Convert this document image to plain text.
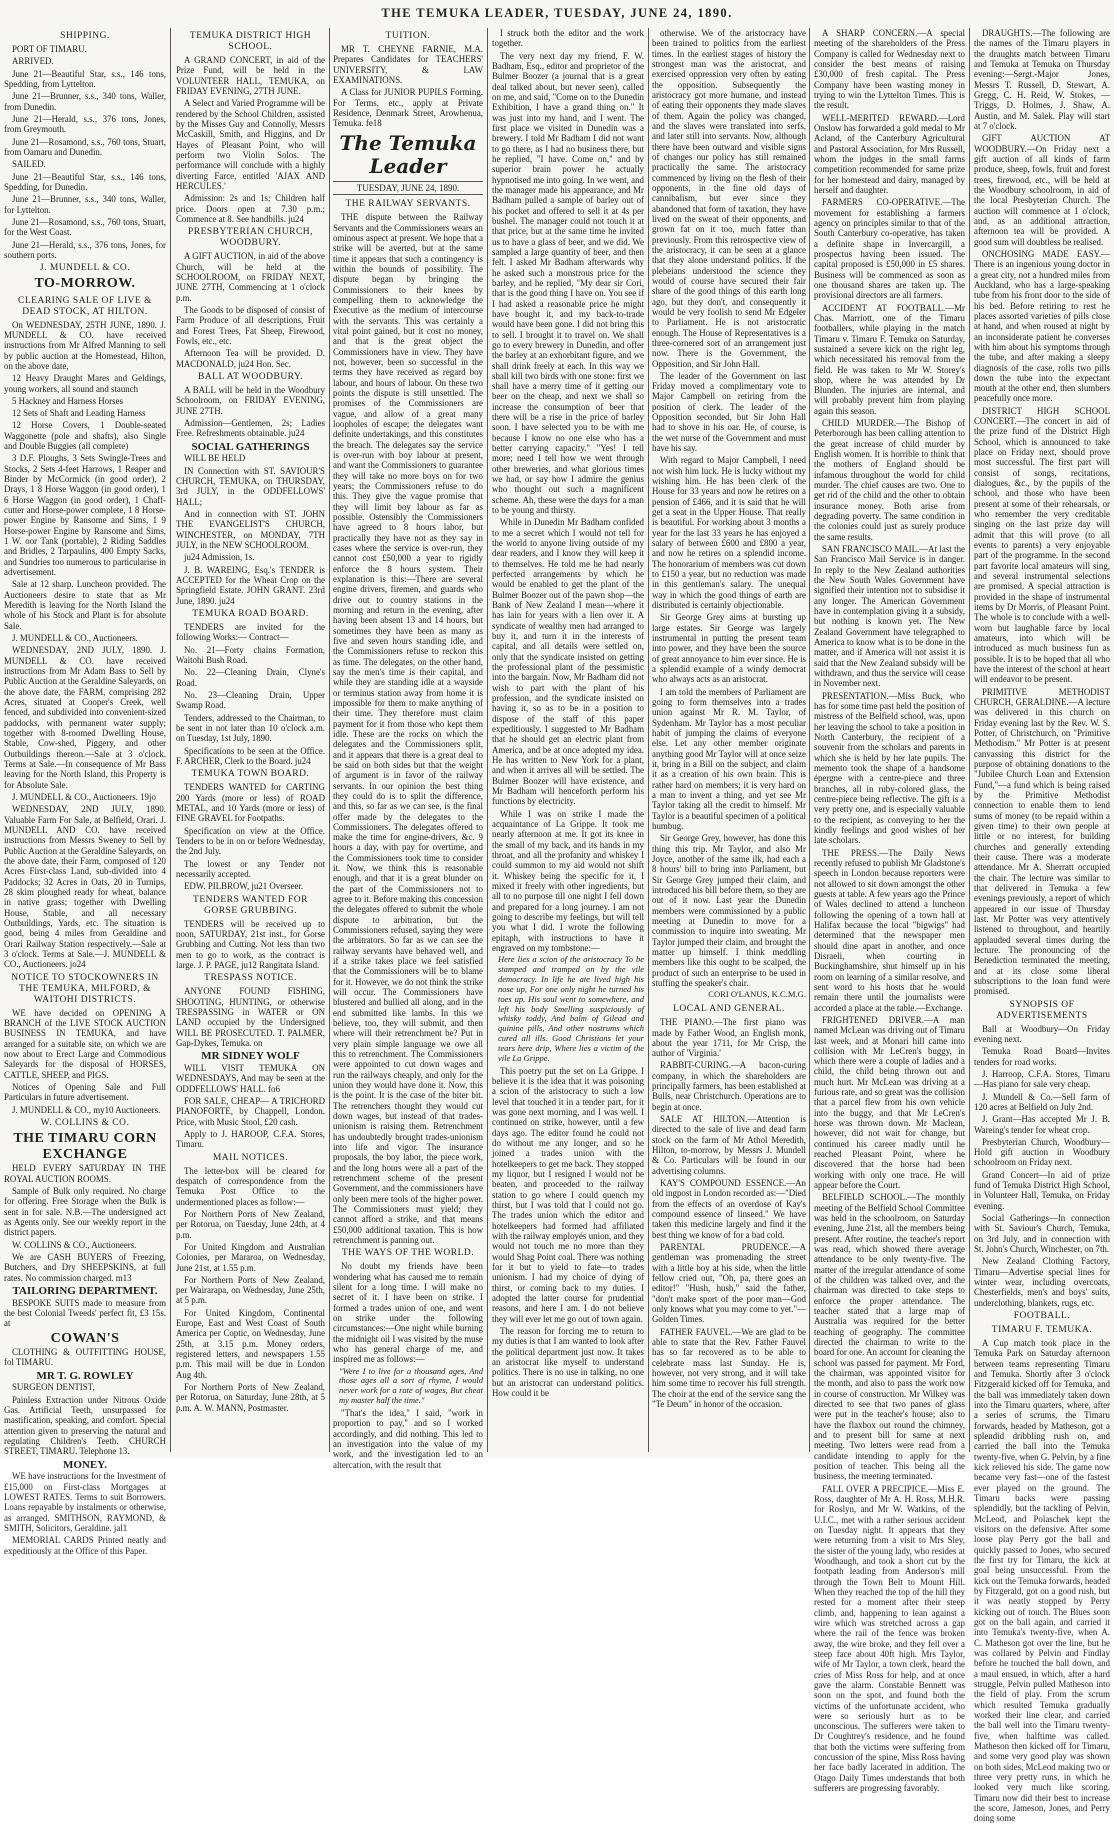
THE TEMUKA LEADER, TUESDAY, JUNE 24, 1890.
SHIPPING.
PORT OF TIMARU.
ARRIVED.
June 21—Beautiful Star, s.s., 146 tons, Spedding, from Lyttelton.
June 21—Brunner, s.s., 340 tons, Waller, from Dunedin.
June 21—Herald, s.s., 376 tons, Jones, from Greymouth.
June 21—Rosamond, s.s., 760 tons, Stuart, from Oamaru and Dunedin.
SAILED.
June 21—Beautiful Star, s.s., 146 tons, Spedding, for Dunedin.
June 21—Brunner, s.s., 340 tons, Waller, for Lyttelton.
June 21—Rosamond, s.s., 760 tons, Stuart, for the West Coast.
June 21—Herald, s.s., 376 tons, Jones, for southern ports.
J. MUNDELL & CO.
TO-MORROW.
CLEARING SALE OF LIVE & DEAD STOCK, AT HILTON.
On WEDNESDAY, 25TH JUNE, 1890. J. MUNDELL & CO. have received instructions from Mr Alfred Manning to sell by public auction at the Homestead, Hilton, on the above date,
12 Heavy Draught Mares and Geldings, young workers, all sound and staunch
5 Hackney and Harness Horses
12 Sets of Shaft and Leading Harness
12 Horse Covers, 1 Double-seated Waggonette (pole and shafts), also Single and Double Buggies (all complete)
3 D.F. Ploughs, 3 Sets Swingle-Trees and Stocks, 2 Sets 4-feet Harrows, 1 Reaper and Binder by McCormick (in good order), 2 Drays, 1 8 Horse Waggon (in good order), 1 6 Horse Waggon (in good order), 1 Chaff-cutter and Horse-power complete, 1 8 Horse-power Engine by Ransome and Sims, 1 9 Horse-power Engine by Ransome and Sims, 1 W. oor Tank (portable), 2 Riding Saddles and Bridles, 2 Tarpaulins, 400 Empty Sacks, and Sundries too numerous to particularise in advertisement.
Sale at 12 sharp. Luncheon provided. The Auctioneers desire to state that as Mr Meredith is leaving for the North Island the whole of his Stock and Plant is for absolute Sale.
J. MUNDELL & CO., Auctioneers.
WEDNESDAY, 2ND JULY, 1890. J. MUNDELL & CO. have received instructions from Mr Adam Bass to Sell by Public Auction at the Geraldine Saleyards, on the above date, the FARM, comprising 282 Acres, situated at Cooper's Creek, well fenced, and subdivided into convenient-sized paddocks, with permanent water supply; together with 8-roomed Dwelling House, Stable, Cow-shed, Piggery, and other Outbuildings thereon.—Sale at 3 o'clock. Terms at Sale.—In consequence of Mr Bass leaving for the North Island, this Property is for Absolute Sale.
J. MUNDELL & CO., Auctioneers. 19jo
WEDNESDAY, 2ND JULY, 1890. Valuable Farm For Sale, at Belfield, Orari. J. MUNDELL AND CO. have received instructions from Messrs Sweney to Sell by Public Auction at the Geraldine Saleyards, on the above date, their Farm, composed of 120 Acres First-class Land, sub-divided into 4 Paddocks; 32 Acres in Oats, 20 in Turnips, 28 skim ploughed ready for wheat, balance in native grass; together with Dwelling House, Stable, and all necessary Outbuildings, Yards, etc. The situation is good, being 4 miles from Geraldine and Orari Railway Station respectively.—Sale at 3 o'clock. Terms at Sale.—J. MUNDELL & CO., Auctioneers. jo24
NOTICE TO STOCKOWNERS IN THE TEMUKA, MILFORD, & WAITOHI DISTRICTS.
WE have decided on OPENING A BRANCH of the LIVE STOCK AUCTION BUSINESS IN TEMUKA, and have arranged for a suitable site, on which we are now about to Erect Large and Commodious Saleyards for the disposal of HORSES, CATTLE, SHEEP, and PIGS.
Notices of Opening Sale and Full Particulars in future advertisement.
J. MUNDELL & CO., my10 Auctioneers.
W. COLLINS & CO.
THE TIMARU CORN EXCHANGE
HELD EVERY SATURDAY IN THE ROYAL AUCTION ROOMS.
Sample of Bulk only required. No charge for offering. Free Storage when the Bulk is sent in for sale. N.B.—The undersigned act as Agents only. See our weekly report in the district papers.
W. COLLINS & CO., Auctioneers.
We are CASH BUYERS of Freezing, Butchers, and Dry SHEEPSKINS, at full rates. No commission charged. m13
TAILORING DEPARTMENT.
BESPOKE SUITS made to measure from the best Colonial Tweeds' perfect fit, £3 15s. at
COWAN'S
CLOTHING & OUTFITTING HOUSE, fol TIMARU.
MR T. G. ROWLEY
SURGEON DENTIST,
Painless Extraction under Nitrous Oxide Gas. Artificial Teeth, unsurpassed for mastification, speaking, and comfort. Special attention given to preserving the natural and regulating Children's Teeth. CHURCH STREET, TIMARU. Telephone 13.
MONEY.
WE have instructions for the Investment of £15,000 on First-class Mortgages at LOWEST RATES. Terms to suit Borrowers. Loans repayable by instalments or otherwise, as arranged. SMITHSON, RAYMOND, & SMITH, Solicitors, Geraldine. jal1
MEMORIAL CARDS Printed neatly and expeditiously at the Office of this Paper.
TEMUKA DISTRICT HIGH SCHOOL.
A GRAND CONCERT, in aid of the Prize Fund, will be held in the VOLUNTEER HALL, TEMUKA, on FRIDAY EVENING, 27TH JUNE.
A Select and Varied Programme will be rendered by the School Children, assisted by the Misses Guy and Connolly, Messrs McCaskill, Smith, and Higgins, and Dr Hayes of Pleasant Point, who will perform two Violin Solos. The performance will conclude with a highly diverting Farce, entitled 'AJAX AND HERCULES.'
Admission: 2s and 1s; Children half price. Doors open at 7.30 p.m.; Commence at 8. See handbills. ju24
PRESBYTERIAN CHURCH, WOODBURY.
A GIFT AUCTION, in aid of the above Church, will be held at the SCHOOLROOM, on FRIDAY NEXT, JUNE 27TH, Commencing at 1 o'clock p.m.
The Goods to be disposed of consist of Farm Produce of all descriptions, Fruit and Forest Trees, Fat Sheep, Firewood, Fowls, etc., etc.
Afternoon Tea will be provided. D. MACDONALD, ju24 Hon. Sec.
BALL AT WOODBURY.
A BALL will be held in the Woodbury Schoolroom, on FRIDAY EVENING, JUNE 27TH.
Admission—Gentlemen, 2s; Ladies Free. Refreshments obtainable. ju24
SOCIAL GATHERINGS
WILL BE HELD
IN Connection with ST. SAVIOUR'S CHURCH, TEMUKA, on THURSDAY, 3rd JULY, in the ODDFELLOWS' HALL;
And in connection with ST. JOHN THE EVANGELIST'S CHURCH, WINCHESTER, on MONDAY, 7TH JULY, in the NEW SCHOOLROOM.
ju24 Admission, 1s.
J. B. WAREING, Esq.'s TENDER is ACCEPTED for the Wheat Crop on the Springfield Estate. JOHN GRANT. 23rd June, 1890. ju24
TEMUKA ROAD BOARD.
TENDERS are invited for the following Works:— Contract—
No. 21—Forty chains Formation, Waitohi Bush Road.
No. 22—Cleaning Drain, Clyne's Road.
No. 23—Cleaning Drain, Upper Swamp Road.
Tenders, addressed to the Chairman, to be sent in not later than 10 o'clock a.m. on Tuesday, 1st July, 1890.
Specifications to be seen at the Office. F. ARCHER, Clerk to the Board. ju24
TEMUKA TOWN BOARD.
TENDERS WANTED for CARTING 200 Yards (more or less) of ROAD METAL, and 10 Yards (more or less) of FINE GRAVEL for Footpaths.
Specification on view at the Office. Tenders to be in on or before Wednesday, the 2nd July.
The lowest or any Tender not necessarily accepted.
EDW. PILBROW, ju21 Overseer.
TENDERS WANTED FOR GORSE GRUBBING.
TENDERS will be received up to noon, SATURDAY, 21st inst., for Gorse Grubbing and Cutting. Not less than two men to go to work, as the contract is large. J. P. PAGE, ju12 Rangitata Island.
TRESPASS NOTICE.
ANYONE FOUND FISHING, SHOOTING, HUNTING, or otherwise TRESPASSING in WATER or ON LAND occupied by the Undersigned WILL BE PROSECUTED. T. PALMER, Gap-Dykes, Temuka. on
MR SIDNEY WOLF
WILL VISIT TEMUKA ON WEDNESDAYS, And may be seen at the ODDFELLOWS' HALL. fo6
FOR SALE, CHEAP— A TRICHORD PIANOFORTE, by Chappell, London. Price, with Music Stool, £20 cash.
Apply to J. HAROOP, C.F.A. Stores, Timaru.
MAIL NOTICES.
The letter-box will be cleared for despatch of correspondence from the Temuka Post Office to the undermentioned places as follow:—
For Northern Ports of New Zealand, per Rotorua, on Tuesday, June 24th, at 4 p.m.
For United Kingdom and Australian Colonies, per Mararoa, on Wednesday, June 21st, at 1.55 p.m.
For Northern Ports of New Zealand, per Wairarapa, on Wednesday, June 25th, at 5 p.m.
For United Kingdom, Continental Europe, East and West Coast of South America per Coptic, on Wednesday, June 25th, at 3.15 p.m. Money orders, registered letters, and newspapers 1.55 p.m. This mail will be due in London Aug 4th.
For Northern Ports of New Zealand, per Rotorua, on Saturday, June 28th, at 5 p.m. A. W. MANN, Postmaster.
TUITION.
MR T. CHEYNE FARNIE, M.A. Prepares Candidates for TEACHERS' UNIVERSITY, & LAW EXAMINATIONS.
A Class for JUNIOR PUPILS Forming. For Terms, etc., apply at Private Residence, Denmark Street, Arowhenua, Temuka. fe18
The Temuka Leader
TUESDAY, JUNE 24, 1890.
THE RAILWAY SERVANTS.
THE dispute between the Railway Servants and the Commissioners wears an ominous aspect at present. We hope that a strike will be averted, but at the same time it appears that such a contingency is within the bounds of possibility. The dispute began by bringing the Commissioners to their knees by compelling them to acknowledge the Executive as the medium of intercourse with the servants. This was certainly a vital point gained, but it cost no money, and that is the great object the Commissioners have in view. They have not, however, been so successful in the terms they have received as regard boy labour, and hours of labour. On these two points the dispute is still unsettled. The promises of the Commissioners are vague, and allow of a great many loopholes of escape; the delegates want definite undertakings, and this constitutes the breach. The delegates say the service is over-run with boy labour at present, and want the Commissioners to guarantee they will take no more boys on for two years; the Commissioners refuse to do this. They give the vague promise that they will limit boy labour as far as possible. Ostensibly the Commissioners have agreed to 8 hours labor, but practically they have not as they say in cases where the service is over-run, they cannot cost £50,000 a year to rigidly enforce the 8 hours system. Their explanation is this:—There are several engine drivers, firemen, and guards who drive out to country stations in the morning and return in the evening, after having been absent 13 and 14 hours, but sometimes they have been as many as five and seven hours standing idle, and the Commissioners refuse to reckon this as time. The delegates, on the other hand, say the men's time is their capital, and while they are standing idle at a wayside or terminus station away from home it is impossible for them to make anything of their time. They therefore must claim payment for it from those who kept them idle. These are the rocks on which the delegates and the Commissioners split, and it appears that there is a great deal to be said on both sides but that the weight of argument is in favor of the railway servants. In our opinion the best thing they could do is to split the difference, and this, so far as we can see, is the final offer made by the delegates to the Commissioners. The delegates offered to make the time for engine-drivers, &c. 9 hours a day, with pay for overtime, and the Commissioners took time to consider it. Now, we think this is reasonable enough, and that it is a great blunder on the part of the Commissioners not to agree to it. Before making this concession the delegates offered to submit the whole dispute to arbitration, but the Commissioners refused, saying they were the arbitrators. So far as we can see the railway servants have behaved well, and if a strike takes place we feel satisfied that the Commissioners will be to blame for it. However, we do not think the strike will occur. The Commissioners have blustered and bullied all along, and in the end submitted like lambs. In this we believe, too, they will submit, and then where will their retrenchment be? Put in very plain simple language we owe all this to retrenchment. The Commissioners were appointed to cut down wages and run the railways cheaply, and only for the union they would have done it. Now, this is the point. It is the case of the biter bit. The retrenchers thought they would cut down wages, but instead of that trades-unionism is raising them. Retrenchment has undoubtedly brought trades-unionism into life and vigor. The insurance proposals, the boy labor, the piece work, and the long hours were all a part of the retrenchment scheme of the present Government, and the commissioners have only been mere tools of the higher power. The Commissioners must yield; they cannot afford a strike, and that means £50,000 additional taxation. This is how retrenchment is panning out.
THE WAYS OF THE WORLD.
No doubt my friends have been wondering what has caused me to remain silent for a long time. I will make no secret of it. I have been on strike. I formed a trades union of one, and went on strike under the following circumstances:—One night while burning the midnight oil I was visited by the muse who has general charge of me, and inspired me as follows:—
"Were I to live for a thousand ages, And those ages all a sort of rhyme, I would never work for a rate of wages, But cheat my master half the time."
"That's the idea," I said, "work in proportion to pay," and so I worked accordingly, and did nothing. This led to an investigation into the value of my work, and the investigation led to an altercation, with the result that
I struck both the editor and the work together.
The very next day my friend, F. W. Badham, Esq., editor and proprietor of the Bulmer Boozer (a journal that is a great deal talked about, but never seen), called on me, and said, "Come on to the Dunedin Exhibition, I have a grand thing on." It was just into my hand, and I went. The first place we visited in Dunedin was a brewery. I told Mr Badham I did not want to go there, as I had no business there, but he replied, "I have. Come on," and by superior brain power he actually hypnotised me into going. In we went, and the manager made his appearance, and Mr Badham pulled a sample of barley out of his pocket and offered to sell it at 4s per bushel. The manager could not touch it at that price, but at the same time he invited us to have a glass of beer, and we did. We sampled a large quantity of beer, and then felt. I asked Mr Badham afterwards why he asked such a monstrous price for the barley, and he replied, "My dear sir Cori, that is the good thing I have on. You see if I had asked a reasonable price he might have bought it, and my back-to-trade would have been gone. I did not bring this to sell. I brought it to travel on. We shall go to every brewery in Dunedin, and offer the barley at an exhorbitant figure, and we shall drink freely at each. In this way we shall kill two birds with one stone: first we shall have a merry time of it getting our beer on the cheap, and next we shall so increase the consumption of beer that there will be a rise in the price of barley soon. I have selected you to be with me because I know no one else who has a better carrying capacity." "Yes! I tell more; need I tell how we went through other breweries, and what glorious times we had, or say how I admire the genius who thought out such a magnificent scheme. Ah, these were the days for a man to be young and thirsty.
While in Dunedin Mr Badham confided to me a secret which I would not tell for the world to anyone living outside of my dear readers, and I know they will keep it to themselves. He told me he had nearly perfected arrangements by which he would be enabled to get the plant of the Bulmer Boozer out of the pawn shop—the Bank of New Zealand I mean—where it has lain for years with a lien over it. A syndicate of wealthy men had arranged to buy it, and turn it in the interests of capital, and all details were settled on, only that the syndicate insisted on getting the professional plant of the pessimistic into the bargain. Now, Mr Badham did not wish to part with the plant of his profession, and the syndicate insisted on having it, so as to be in a position to dispose of the staff of this paper expeditiously. I suggested to Mr Badham that he should get an electric plant from America, and be at once adopted my idea. He has written to New York for a plant, and when it arrives all will be settled. The Bulmer Boozer will have existence, and Mr Badham will henceforth perform his functions by electricity.
While I was on strike I made the acquaintance of La Grippe. It took me nearly afternoon at me. It got its knee in the small of my back, and its hands in my throat, and all the profanity and whiskey I could summon to my aid would not shift it. Whiskey being the specific for it, I mixed it freely with other ingredients, but all to no purpose till one night I fell down and prepared for a long journey. I am not going to describe my feelings, but will tell you what I did. I wrote the following epitaph, with instructions to have it engraved on my tombstone:—
Here lies a scion of the aristocracy To be stamped and tramped on by the vile democracy. In life he ate lived high his nose up, For one only night he turned his toes up. His soul went to somewhere, and left his body Smelling suspiciously of whisky toddy, And balm of Gilead and quinine pills, And other nostrums which cured all ills. Good Christians let your tears here drip, Where lies a victim of the vile La Grippe.
This poetry put the set on La Grippe. I believe it is the idea that it was poisoning a scion of the aristocracy to such a low level that touched it in a tender part, for it was gone next morning, and I was well. I continued on strike, however, until a few days ago. The editor found he could not do without me any longer, and so he joined a trades union with the hotelkeepers to get me back. They stopped my liquor, but I resigned I would not be beaten, and proceeded to the railway station to go where I could quench my thirst, but I was told that I could not go. The trades union which the editor and hotelkeepers had formed had affiliated with the railway employés union, and they would not touch me no more than they would Shag Point coal. There was nothing for it but to yield to fate—to trades unionism. I had my choice of dying of thirst, or coming back to my duties. I adopted the latter course for prudential reasons, and here I am. I do not believe they will ever let me go out of town again.
The reason for forcing me to return to my duties is that I am wanted to look after the political department just now. It takes an aristocrat like myself to understand politics. There is no use in talking, no one but an aristocrat can understand politics. How could it be
otherwise. We of the aristocracy have been trained to politics from the earliest times. In the earliest stages of history the strongest man was the aristocrat, and exercised oppression very often by eating the opposition. Subsequently the aristocracy got more humane, and instead of eating their opponents they made slaves of them. Again the policy was changed, and the slaves were translated into serfs, and later still into servants. Now, although there have been outward and visible signs of changes our policy has still remained practically the same. The aristocracy commenced by living on the flesh of their opponents, in the fine old days of cannibalism, but ever since they abandoned that form of taxation, they have lived on the sweat of their opponents, and grown fat on it too, much fatter than previously. From this retrospective view of the aristocracy, it can be seen at a glance that they alone understand politics. If the plebeians understood the science they would of course have secured their fair share of the good things of this earth long ago, but they don't, and consequently it would be very foolish to send Mr Edgeler to Parliament. He is not aristocratic enough. The House of Representatives is a three-cornered sort of an arrangement just now. There is the Government, the Opposition, and Sir John Hall.
The leader of the Government on last Friday moved a complimentary vote to Major Campbell on retiring from the position of clerk. The leader of the Opposition seconded, but Sir John Hall had to shove in his oar. He, of course, is the wet nurse of the Government and must have his say.
With regard to Major Campbell, I need not wish him luck. He is lucky without my wishing him. He has been clerk of the House for 33 years and now he retires on a pension of £466, and it is said that he will get a seat in the Upper House. That really is beautiful. For working about 3 months a year for the last 33 years he has enjoyed a salary of between £600 and £800 a year, and now he retires on a splendid income. The honorarium of members was cut down to £150 a year, but no reduction was made in this gentleman's salary. The unequal way in which the good things of earth are distributed is certainly objectionable.
Sir George Grey aims at bursting up large estates. Sir George was largely instrumental in putting the present team into power, and they have been the source of great annoyance to him ever since. He is a splendid example of a windy democrat who always acts as an aristocrat.
I am told the members of Parliament are going to form themselves into a trades union against Mr R. M. Taylor, of Sydenham. Mr Taylor has a most peculiar habit of jumping the claims of everyone else. Let any other member originate anything good Mr Taylor will at once seize it, bring in a Bill on the subject, and claim it as a creation of his own brain. This is rather hard on members; it is very hard on a man to invent a thing, and yet see Mr Taylor taking all the credit to himself. Mr Taylor is a beautiful specimen of a political humbug.
Sir George Grey, however, has done this thing this trip. Mr Taylor, and also Mr Joyce, another of the same ilk, had each a 8 hours' bill to bring into Parliament, but Sir George Grey jumped their claim, and introduced his bill before them, so they are out of it now. Last year the Dunedin members were commissioned by a public meeting at Dunedin to move for a commission to inquire into sweating. Mr Taylor jumped their claim, and brought the matter up himself. I think meddling members like this ought to be scalped, the product of such an enterprise to be used in stuffing the speaker's chair.
CORI O'LANUS, K.C.M.G.
LOCAL AND GENERAL.
THE PIANO.—The first piano was made by Father Wood, an English monk, about the year 1711, for Mr Crisp, the author of 'Virginia.'
RABBIT-CURING.—A bacon-curing company, in which the shareholders are principally farmers, has been established at Bulls, near Christchurch. Operations are to begin at once.
SALE AT HILTON.—Attention is directed to the sale of live and dead farm stock on the farm of Mr Athol Meredith, Hilton, to-morrow, by Messrs J. Mundell & Co. Particulars will be found in our advertising columns.
KAY'S COMPOUND ESSENCE.—An old ingpost in London recorded as:—"Died from the effects of an overdose of Kay's compound essence of linseed." We have taken this medicine largely and find it the best thing we know of for a bad cold.
PARENTAL PRUDENCE.—A gentleman was promenading the street with a little boy at his side, when the little fellow cried out, "Oh, pa, there goes an editor!" "Hush, hush," said the father, "don't make sport of the poor man—God only knows what you may come to yet."—Golden Times.
FATHER FAUVEL.—We are glad to be able to state that the Rev. Father Fauvel has so far recovered as to be able to celebrate mass last Sunday. He is, however, not very strong, and it will take him some time to recover his full strength. The choir at the end of the service sang the "Te Deum" in honor of the occasion.
A SHARP CONCERN.—A special meeting of the shareholders of the Press Company is called for Wednesday next to consider the best means of raising £30,000 of fresh capital. The Press Company have been wasting money in trying to win the Lyttelton Times. This is the result.
WELL-MERITED REWARD.—Lord Onslow has forwarded a gold medal to Mr Acland, of the Canterbury Agricultural and Pastoral Association, for Mrs Russell, whom the judges in the small farms competition recommended for same prize for her homestead and dairy, managed by herself and daughter.
FARMERS CO-OPERATIVE.—The movement for establishing a farmers agency on principles similar to that of the South Canterbury co-operative, has taken a definite shape in Invercargill, a prospectus having been issued. The capital proposed is £50,000 in £5 shares. Business will be commenced as soon as one thousand shares are taken up. The provisional directors are all farmers.
ACCIDENT AT FOOTBALL.—Mr Chas. Marriott, one of the Timaru footballers, while playing in the match Timaru v. Timaru F. Temuka on Saturday, sustained a severe kick on the right leg, which necessitated his removal from the field. He was taken to Mr W. Storey's shop, where he was attended by Dr Blunden. The injuries are internal, and will probably prevent him from playing again this season.
CHILD MURDER.—The Bishop of Peterborough has been calling attention to the great increase of child murder by English women. It is horrible to think that the mothers of England should be infamous throughout the world for child murder. The chief causes are two. One to get rid of the child and the other to obtain insurance money. Both arise from degrading poverty. The same condition in the colonies could just as surely produce the same results.
SAN FRANCISCO MAIL.—At last the San Francisco Mail Service is in danger. In reply to the New Zealand authorities the New South Wales Government have signified their intention not to subsidise it any longer. The American Government have in contemplation giving it a subsidy, but nothing is known yet. The New Zealand Government have telegraphed to America to know what is to be done in the matter, and if America will not assist it is said that the New Zealand subsidy will be withdrawn, and thus the service will cease in November next.
PRESENTATION.—Miss Buck, who has for some time past held the position of mistress of the Belfield school, was, upon her leaving the school to take a position in North Canterbury, the recipient of a souvenir from the scholars and parents in which she is held by her late pupils. The memento took the shape of a handsome épergne with a centre-piece and three branches, all in ruby-colored glass, the centre-piece being reflective. The gift is a very pretty one, and is especially valuable to the recipient, as conveying to her the kindly feelings and good wishes of her late scholars.
THE PRESS.—The Daily News recently refused to publish Mr Gladstone's speech in London because reporters were not allowed to sit down amongst the other guests at table. A few years ago the Prince of Wales declined to attend a luncheon following the opening of a town hall at Halifax because the local "bigwigs" had determined that the newspaper men should dine apart in another, and once Disraeli, when courting in Buckinghamshire, shut himself up in his room on learning of a similar resolve, and sent word to his hosts that he would remain there until the journalists were accorded a place at the table.—Exchange.
FRIGHTENED DRIVER.—A man named McLean was driving out of Timaru last week, and at Monari hill came into collision with Mr LeCren's buggy, in which there were a couple of ladies and a child, the child being thrown out and much hurt. Mr McLean was driving at a furious rate, and so great was the collision that a parcel flew from his own vehicle into the buggy, and that Mr LeCren's horse was thrown down. Mr Maclean, however, did not wait for change, but continued his career madly until he reached Pleasant Point, where he discovered that the horse had been working with only one trace. He will appear before the Court.
BELFIELD SCHOOL.—The monthly meeting of the Belfield School Committee was held in the schoolroom, on Saturday evening, June 21st, all the members being present. After routine, the teacher's report was read, which showed there average attendance to be only twenty-five. The matter of the irregular attendance of some of the children was talked over, and the chairman was directed to take steps to enforce the proper attendance. The teacher stated that a large map of Australia was required for the better teaching of geography. The committee directed the chairman to write to the board for one. An account for cleaning the school was passed for payment. Mr Ford, the chairman, was appointed visitor for the month, and also to pass the work now in course of construction. Mr Wilkey was directed to see that two panes of glass were put in the teacher's house; also to have the flaxbox out round the chimney, and to present bill for same at next meeting. Two letters were read from a candidate intending to apply for the position of teacher. This being all the business, the meeting terminated.
FALL OVER A PRECIPICE.—Miss E. Ross, daughter of Mr A. H. Ross, M.H.R. for Roslyn, and Mr W. Watkins, of the U.I.C., met with a rather serious accident on Tuesday night. It appears that they were returning from a visit to Mrs Sley, the sister of the young lady, who resides at Woodhaugh, and took a short cut by the footpath leading from Anderson's mill through the Town Belt to Mount Hill. When they reached the top of the hill they rested for a moment after their steep climb, and, happening to lean against a wire which was stretched across a gap where the rail of the fence was broken away, the wire broke, and they fell over a steep face about 40ft high. Mrs Taylor, wife of Mr Taylor, a town clerk, heard the cries of Miss Ross for help, and at once gave the alarm. Constable Bennett was soon on the spot, and found both the victims of the unfortunate accident, who were so seriously hurt as to be unconscious. The sufferers were taken to Dr Coughtrey's residence, and he found that both the victims were suffering from concussion of the spine, Miss Ross having her face badly lacerated in addition. The Otago Daily Times understands that both sufferers are progressing favorably.
DRAUGHTS.—The following are the names of the Timaru players in the draughts match between Timaru and Temuka at Temuka on Thursday evening:—Sergt.-Major Jones, Messrs T. Russell, D. Stewart, A. Gregg, C. H. Reid, W. Stokes, — Triggs, D. Holmes, J. Shaw, A. Austin, and M. Salek. Play will start at 7 o'clock.
GIFT AUCTION AT WOODBURY.—On Friday next a gift auction of all kinds of farm produce, sheep, fowls, fruit and forest trees, firewood, etc., will be held at the Woodbury schoolroom, in aid of the local Presbyterian Church. The auction will commence at 1 o'clock, and, as an additional attraction, afternoon tea will be provided. A good sum will doubtless be realised.
ONCHOSING MADE EASY.—There is an ingenious young doctor in a great city, not a hundred miles from Auckland, who has a large-speaking tube from his front door to the side of his bed. Before retiring to rest he places assorted varieties of pills close at hand, and when roused at night by an inconsiderate patient he converses with him about his symptoms through the tube, and after making a sleepy diagnosis of the case, rolls two pills down the tube into the expectant mouth at the other end, then slumbers peacefully once more.
DISTRICT HIGH SCHOOL CONCERT.—The concert in aid of the prize fund of the District High School, which is announced to take place on Friday next, should prove most successful. The first part will consist of songs, recitations, dialogues, &c., by the pupils of the school, and those who have been present at some of their rehearsals, or who remember the very creditable singing on the last prize day will admit that this will prove (to all events to parents) a very enjoyable part of the programme. In the second part favorite local amateurs will sing, and several instrumental selections are promised. A special attraction is provided in the shape of instrumental items by Dr Morris, of Pleasant Point. The whole is to conclude with a well-worn but laughable farce by local amateurs, into which will be introduced as much business fun as possible. It is to be hoped that all who have the interest of the school at heart will endeavor to be present.
PRIMITIVE METHODIST CHURCH, GERALDINE.—A lecture was delivered in this church on Friday evening last by the Rev. W. S. Potter, of Christchurch, on "Primitive Methodism." Mr Potter is at present canvassing this district for the purpose of obtaining donations to the "Jubilee Church Loan and Extension Fund,"—a fund which is being raised by the Primitive Methodist connection to enable them to lend sums of money (to be repaid within a given time) to their own people at little or no interest, for building churches and generally extending their cause. There was a moderate attendance. Mr A. Sherratt occupied the chair. The lecture was similar to that delivered in Temuka a few evenings previously, a report of which appeared in our issue of Thursday last. Mr Potter was very attentively listened to throughout, and heartily applauded several times during the lecture. The pronouncing of the Benediction terminated the meeting, and at its close some liberal subscriptions to the loan fund were promised.
SYNOPSIS OF ADVERTISEMENTS
Ball at Woodbury—On Friday evening next.
Temuka Road Board—Invites tenders for road works.
J. Harroop, C.F.A. Stores, Timaru—Has piano for sale very cheap.
J. Mundell & Co.—Sell farm of 120 acres at Belfield on July 2nd.
J. Grant—Has accepted Mr J. B. Wareing's tender for wheat crop.
Presbyterian Church, Woodbury—Hold gift auction in Woodbury schoolroom on Friday next.
Grand Concert—In aid of prize fund of Temuka District High School, in Volunteer Hall, Temuka, on Friday evening.
Social Gatherings—In connection with St. Saviour's Church, Temuka, on 3rd July, and in connection with St. John's Church, Winchester, on 7th.
New Zealand Clothing Factory, Timaru—Advertise special lines for winter wear, including overcoats, Chesterfields, men's and boys' suits, underclothing, blankets, rugs, etc.
FOOTBALL.
TIMARU F. TEMUKA.
A Cup match took place in the Temuka Park on Saturday afternoon between teams representing Timaru and Temuka. Shortly after 3 o'clock Fitzgerald kicked off for Temuka, and the ball was immediately taken down into the Timaru quarters, where, after a series of scrums, the Timaru forwards, headed by Matheson, got a splendid dribbling rush on, and carried the ball into the Temuka twenty-five, when G. Pelvin, by a fine kick relieved his side. The game now became very fast—one of the fastest ever played on the ground. The Timaru backs were passing splendidly, but the tackling of Pelvin, McLeod, and Polaschek kept the visitors on the defensive. After some loose play Perry got the ball and quickly passed to Jones, who secured the first try for Timaru, the kick at goal being unsuccessful. From the kick out the Temuka forwards, headed by Fitzgerald, got on a good rush, but it was neatly stopped by Perry kicking out of touch. The Blues soon got on the ball again, and carried it into Temuka's twenty-five, when A. C. Matheson got over the line, but he was collared by Pelvin and Findlay before he touched the ball down, and a maul ensued, in which, after a hard struggle, Pelvin pulled Matheson into the field of play. From the scrum which resulted Temuka gradually worked their line clear, and carried the ball well into the Timaru twenty-five, when halftime was called. Matheson then kicked off for Timaru, and some very good play was shown on both sides, McLeod making two or three very pretty runs, in which he looked very much like scoring. Timaru now did their best to increase the score, Jameson, Jones, and Perry doing some
